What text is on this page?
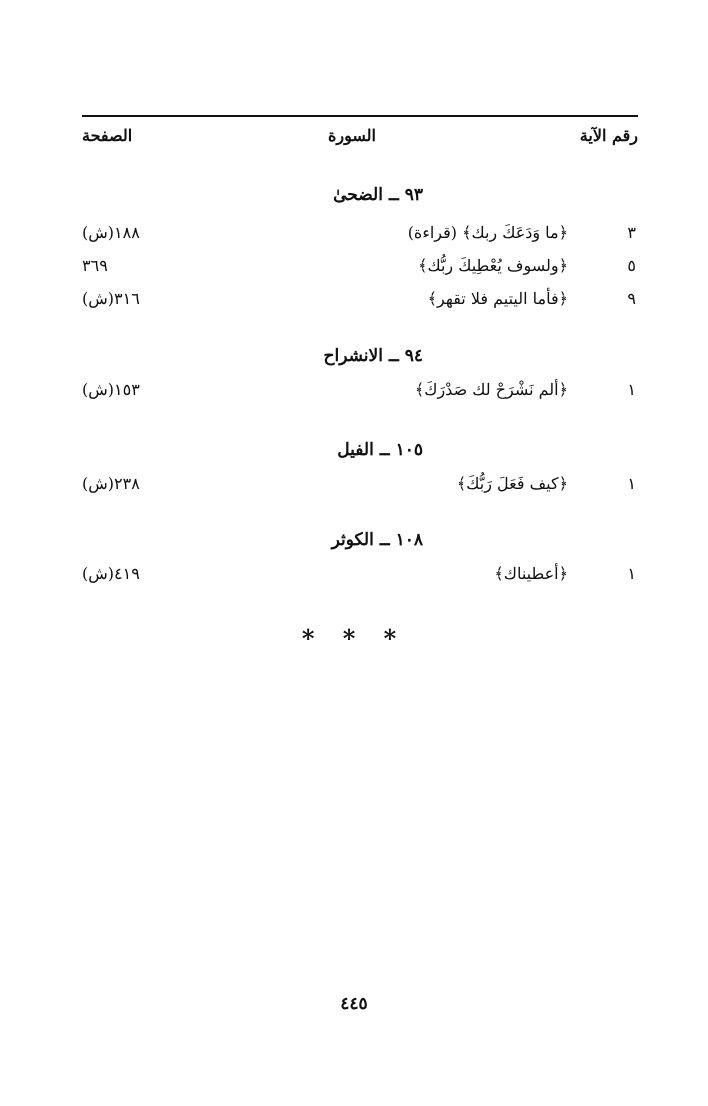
رقم الآية
السورة
الصفحة
٩٣ ــ الضحىٰ
٣
﴿ما وَدَعَكَ ربك﴾ (قراءة)
١٨٨(ش)
٥
﴿ولسوف يُعْطِيكَ ربُّك﴾
٣٦٩
٩
﴿فأما اليتيم فلا تقهر﴾
٣١٦(ش)
٩٤ ــ الانشراح
١
﴿ألم نَشْرَحْ لك صَدْرَكَ﴾
١٥٣(ش)
١٠٥ ــ الفيل
١
﴿كيف فَعَلَ رَبُّكَ﴾
٢٣٨(ش)
١٠٨ ــ الكوثر
١
﴿أعطيناك﴾
٤١٩(ش)
* * *
٤٤٥
